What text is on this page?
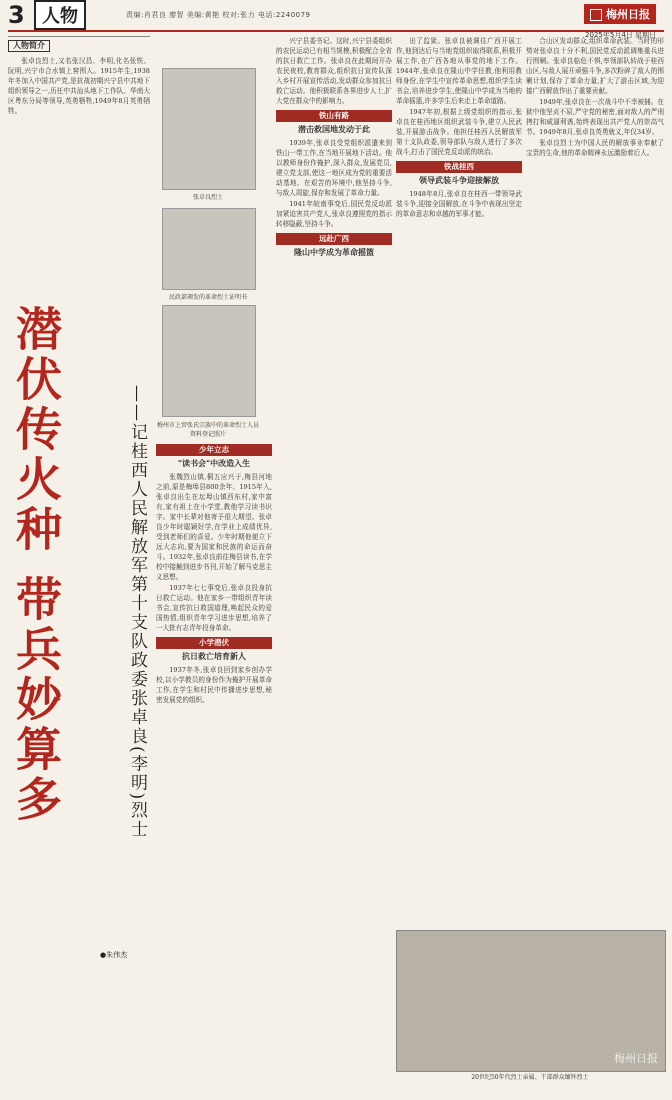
3 人物	责编:肖君良 廖智 美编:黄艳 校对:张力 电话:2240079	梅州日报
2025年5月4日 星期日
人物简介

张卓良烈士,又名张汉昌、李明,化名张铁、阮明,兴宁市合水镇上窖围人。1915年生,1938年冬加入中国共产党,是抗战初期兴宁县中共地下组织领导之一,历任中共汕头地下工作队、华南大区粤东分局等领导,英勇牺牲,1949年8月英勇牺牲。

张卓良烈士
民政部颁发的革命烈士证明书
梅州市上窖张氏宗族中的革命烈士人员资料登记照片
潜伏传火种 带兵妙算多	——记桂西人民解放军第十支队政委张卓良(李明)烈士
●朱伟杰
少年立志
"读书会"中改造入生

张魏烈山镇,桐五应兴于,梅县河地之前,原是梅埠县800余年。1915年入,张卓良出生在坛埠山镇西东村,家中富有,家有祖上在小学堂,教他学习读书识字。家中长辈对他寄予很大期望。张卓良少年时聪颖好学,在学业上成绩优异,受到老师们的喜爱。少年时期他便立下远大志向,要为国家和民族的命运而奋斗。1932年,张卓良前往梅县读书,在学校中接触到进步书刊,开始了解马克思主义思想。

1937年七七事变后,张卓良投身抗日救亡运动。他在家乡一带组织青年读书会,宣传抗日救国道理,唤起民众的爱国热情,组织青年学习进步思想,培养了一大批有志青年投身革命。

小学潜伏
抗日救亡培育新人

1937年冬,张卓良回到家乡创办学校,以小学教员的身份作为掩护开展革命工作,在学生和村民中传播进步思想,秘密发展党的组织。

兴宁县委书记。这时,兴宁县委组织的农民运动已有相当规模,积极配合全省的抗日救亡工作。张卓良在此期间开办农民夜校,教育群众,组织抗日宣传队深入乡村开展宣传活动,发动群众参加抗日救亡运动。他积极联系各界进步人士,扩大党在群众中的影响力。

铁山有路
潜击救国地发动于此

1939年,张卓良受党组织派遣来到铁山一带工作,在当地开展地下活动。他以教师身份作掩护,深入群众,发展党员,建立党支部,使这一地区成为党的重要活动基地。在艰苦的环境中,他坚持斗争,与敌人周旋,保存和发展了革命力量。

1941年皖南事变后,国民党反动派加紧迫害共产党人,张卓良遵照党的指示转移隐蔽,坚持斗争。

远赴广西
隆山中学成为革命摇篮

出了监狱。张卓良被调往广西开展工作,他到达后与当地党组织取得联系,积极开展工作,在广西各地从事党的地下工作。1944年,张卓良在隆山中学任教,他利用教师身份,在学生中宣传革命思想,组织学生读书会,培养进步学生,使隆山中学成为当地的革命摇篮,许多学生后来走上革命道路。

1947年初,根据上级党组织的指示,张卓良在桂西地区组织武装斗争,建立人民武装,开展游击战争。他担任桂西人民解放军第十支队政委,领导部队与敌人进行了多次战斗,打击了国民党反动派的统治。

铁战桂西
领导武装斗争迎接解放

1948年8月,张卓良在桂西一带领导武装斗争,迎接全国解放,在斗争中表现出坚定的革命意志和卓越的军事才能。

合山区发动群众,组织革命武装。当时的形势对张卓良十分不利,国民党反动派调集重兵进行围剿。张卓良临危不惧,率领部队转战于桂西山区,与敌人展开顽强斗争,多次粉碎了敌人的围剿计划,保存了革命力量,扩大了游击区域,为迎接广西解放作出了重要贡献。

1949年,张卓良在一次战斗中不幸被捕。在狱中他坚贞不屈,严守党的秘密,面对敌人的严刑拷打和威逼利诱,始终表现出共产党人的崇高气节。1949年8月,张卓良英勇就义,年仅34岁。

张卓良烈士为中国人民的解放事业奉献了宝贵的生命,他的革命精神永远激励着后人。

20世纪50年代烈士亲属、干部群众缅怀烈士
梅州日报
